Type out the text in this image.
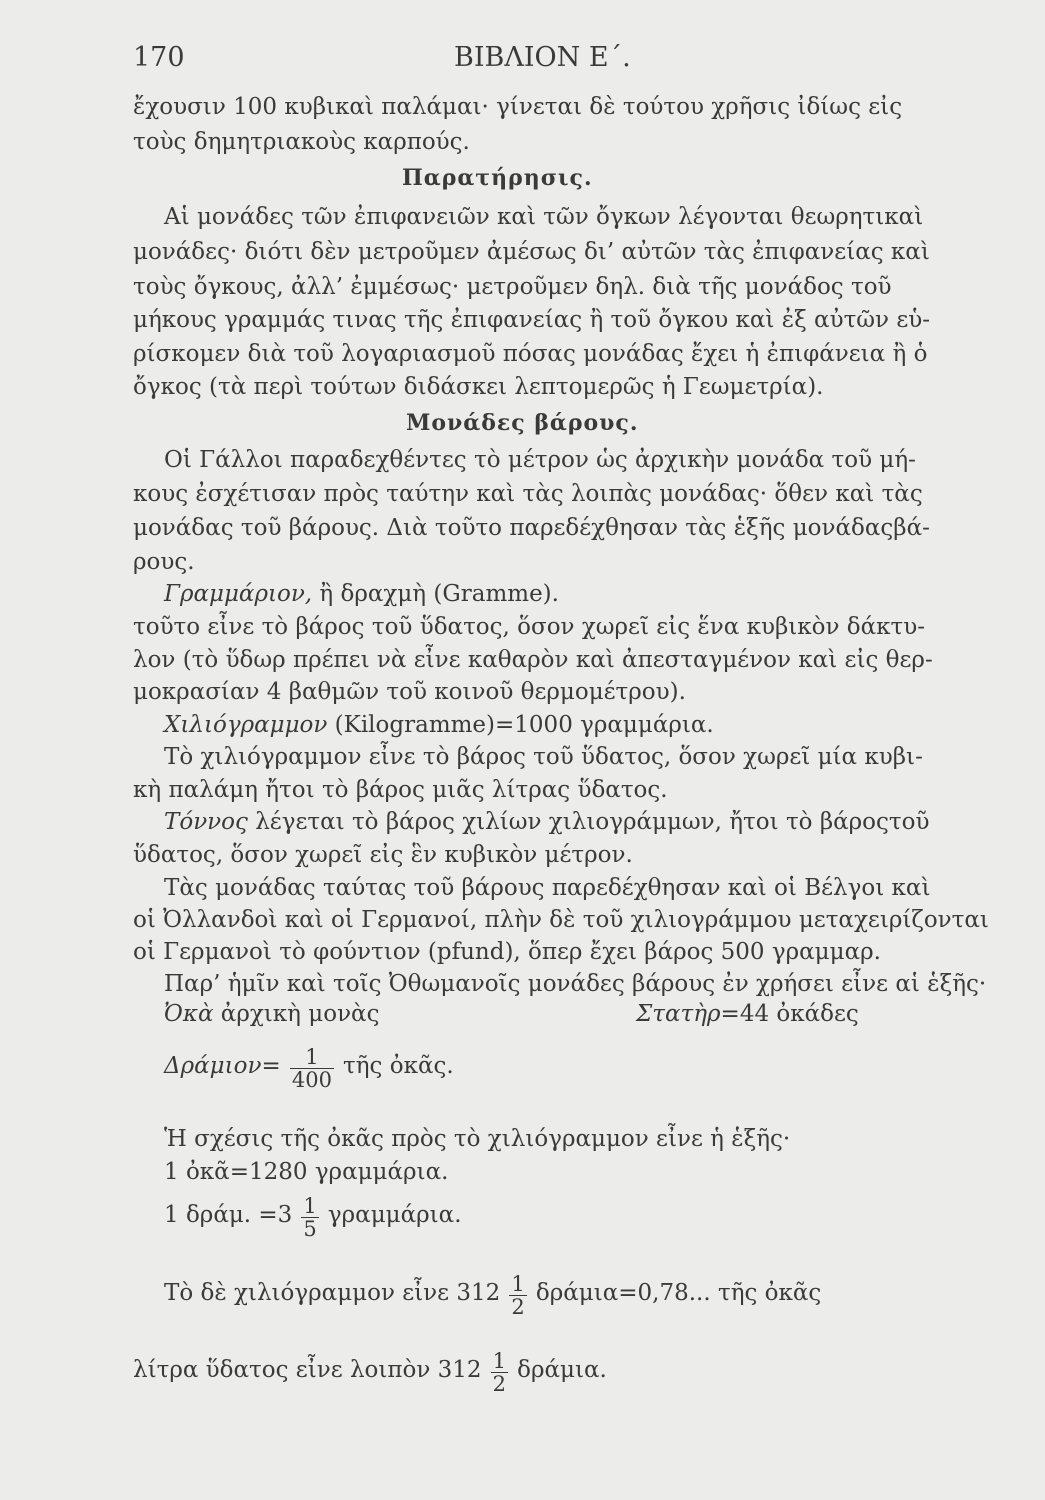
170	ΒΙΒΛΙΟΝ Ε΄.
ἔχουσιν 100 κυβικαὶ παλάμαι· γίνεται δὲ τούτου χρῆσις ἰδίως εἰς
τοὺς δημητριακοὺς καρπούς.
Παρατήρησις.
Αἱ μονάδες τῶν ἐπιφανειῶν καὶ τῶν ὄγκων λέγονται θεωρητικαὶ
μονάδες· διότι δὲν μετροῦμεν ἀμέσως δι’ αὐτῶν τὰς ἐπιφανείας καὶ
τοὺς ὄγκους, ἀλλ’ ἐμμέσως· μετροῦμεν δηλ. διὰ τῆς μονάδος τοῦ
μήκους γραμμάς τινας τῆς ἐπιφανείας ἢ τοῦ ὄγκου καὶ ἐξ αὐτῶν εὑ-
ρίσκομεν διὰ τοῦ λογαριασμοῦ πόσας μονάδας ἔχει ἡ ἐπιφάνεια ἢ ὁ
ὄγκος (τὰ περὶ τούτων διδάσκει λεπτομερῶς ἡ Γεωμετρία).
Μονάδες βάρους.
Οἱ Γάλλοι παραδεχθέντες τὸ μέτρον ὡς ἀρχικὴν μονάδα τοῦ μή-
κους ἐσχέτισαν πρὸς ταύτην καὶ τὰς λοιπὰς μονάδας· ὅθεν καὶ τὰς
μονάδας τοῦ βάρους. Διὰ τοῦτο παρεδέχθησαν τὰς ἑξῆς μονάδαςβά-
ρους.
Γραμμάριον, ἢ δραχμὴ (Gramme).
τοῦτο εἶνε τὸ βάρος τοῦ ὕδατος, ὅσον χωρεῖ εἰς ἕνα κυβικὸν δάκτυ-
λον (τὸ ὕδωρ πρέπει νὰ εἶνε καθαρὸν καὶ ἀπεσταγμένον καὶ εἰς θερ-
μοκρασίαν 4 βαθμῶν τοῦ κοινοῦ θερμομέτρου).
Χιλιόγραμμον (Kilogramme)=1000 γραμμάρια.
Τὸ χιλιόγραμμον εἶνε τὸ βάρος τοῦ ὕδατος, ὅσον χωρεῖ μία κυβι-
κὴ παλάμη ἤτοι τὸ βάρος μιᾶς λίτρας ὕδατος.
Τόννος λέγεται τὸ βάρος χιλίων χιλιογράμμων, ἤτοι τὸ βάροςτοῦ
ὕδατος, ὅσον χωρεῖ εἰς ἓν κυβικὸν μέτρον.
Τὰς μονάδας ταύτας τοῦ βάρους παρεδέχθησαν καὶ οἱ Βέλγοι καὶ
οἱ Ὀλλανδοὶ καὶ οἱ Γερμανοί, πλὴν δὲ τοῦ χιλιογράμμου μεταχειρίζονται
οἱ Γερμανοὶ τὸ φούντιον (pfund), ὅπερ ἔχει βάρος 500 γραμμαρ.
Παρ’ ἡμῖν καὶ τοῖς Ὀθωμανοῖς μονάδες βάρους ἐν χρήσει εἶνε αἱ ἑξῆς·
Ὀκὰ ἀρχικὴ μονὰς	Στατὴρ=44 ὀκάδες
$\Delta\rho ά\mu\iota o\nu= \frac{1}{400}$ τῆς ὀκᾶς.
Ἡ σχέσις τῆς ὀκᾶς πρὸς τὸ χιλιόγραμμον εἶνε ἡ ἑξῆς·
1 ὀκᾶ=1280 γραμμάρια.
1 δράμ. $=3 \frac{1}{5} \gamma\rho\alpha\mu\mu ά\rho\iota\alpha$.
Τὸ δὲ χιλιόγραμμον εἶνε $312 \frac{1}{2} \delta\rho ά\mu\iota\alpha=0,78$... τῆς ὀκᾶς
λίτρα ὕδατος εἶνε λοιπὸν $312 \frac{1}{2} \delta\rho ά\mu\iota\alpha$.
